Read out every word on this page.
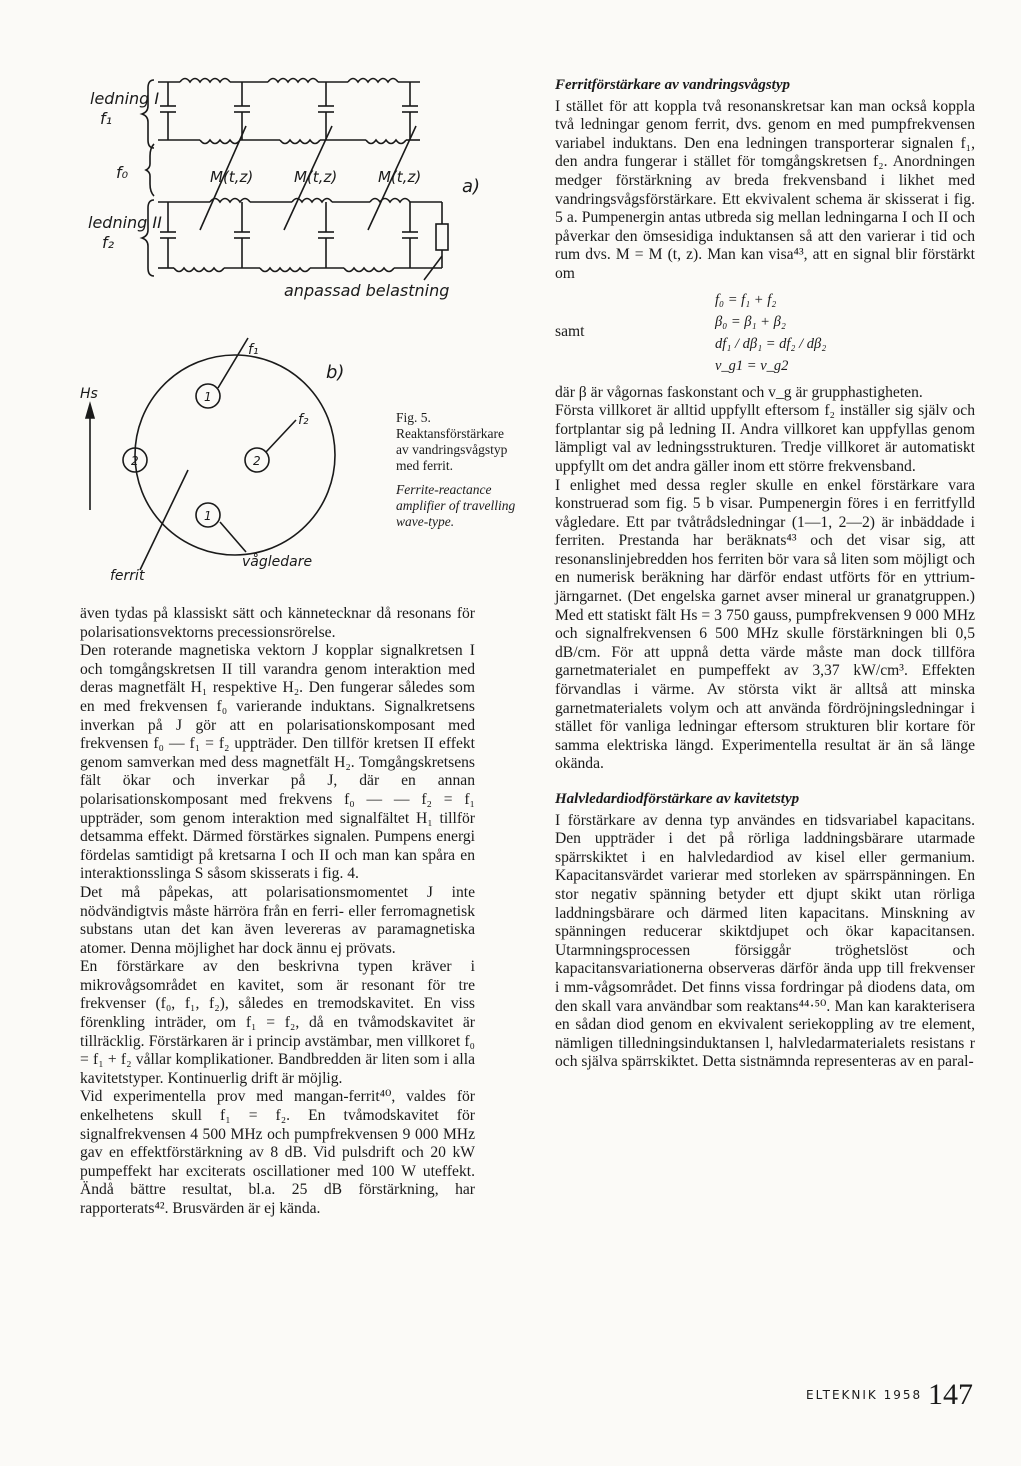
ledning I
f₁
f₀
ledning II
f₂
M(t,z)	M(t,z)	M(t,z) a)
anpassad belastning
b)
f₁
f₂
Hs
ferrit
vågledare
1
1
2	2
Fig. 5. Reaktansförstärkare av vandringsvågstyp med ferrit.
Ferrite-reactance amplifier of travelling wave-type.

även tydas på klassiskt sätt och kännetecknar då resonans för polarisationsvektorns precessionsrörelse.

Den roterande magnetiska vektorn J kopplar signalkretsen I och tomgångskretsen II till varandra genom interaktion med deras magnetfält H₁ respektive H₂. Den fungerar således som en med frekvensen f₀ varierande induktans. Signalkretsens inverkan på J gör att en polarisationskomposant med frekvensen f₀ — f₁ = f₂ uppträder. Den tillför kretsen II effekt genom samverkan med dess magnetfält H₂. Tomgångskretsens fält ökar och inverkar på J, där en annan polarisationskomposant med frekvens f₀ — — f₂ = f₁ uppträder, som genom interaktion med signalfältet H₁ tillför detsamma effekt. Därmed förstärkes signalen. Pumpens energi fördelas samtidigt på kretsarna I och II och man kan spåra en interaktionsslinga S såsom skisserats i fig. 4.

Det må påpekas, att polarisationsmomentet J inte nödvändigtvis måste härröra från en ferri- eller ferromagnetisk substans utan det kan även levereras av paramagnetiska atomer. Denna möjlighet har dock ännu ej prövats.

En förstärkare av den beskrivna typen kräver i mikrovågsområdet en kavitet, som är resonant för tre frekvenser (f₀, f₁, f₂), således en tremodskavitet. En viss förenkling inträder, om f₁ = f₂, då en tvåmodskavitet är tillräcklig. Förstärkaren är i princip avstämbar, men villkoret f₀ = f₁ + f₂ vållar komplikationer. Bandbredden är liten som i alla kavitetstyper. Kontinuerlig drift är möjlig.

Vid experimentella prov med mangan-ferrit⁴⁰, valdes för enkelhetens skull f₁ = f₂. En tvåmodskavitet för signalfrekvensen 4 500 MHz och pumpfrekvensen 9 000 MHz gav en effektförstärkning av 8 dB. Vid pulsdrift och 20 kW pumpeffekt har exciterats oscillationer med 100 W uteffekt. Ändå bättre resultat, bl.a. 25 dB förstärkning, har rapporterats⁴². Brusvärden är ej kända.

Ferritförstärkare av vandringsvågstyp

I stället för att koppla två resonanskretsar kan man också koppla två ledningar genom ferrit, dvs. genom en med pumpfrekvensen variabel induktans. Den ena ledningen transporterar signalen f₁, den andra fungerar i stället för tomgångskretsen f₂. Anordningen medger förstärkning av breda frekvensband i likhet med vandringsvågsförstärkare. Ett ekvivalent schema är skisserat i fig. 5 a. Pumpenergin antas utbreda sig mellan ledningarna I och II och påverkar den ömsesidiga induktansen så att den varierar i tid och rum dvs. M = M (t, z). Man kan visa⁴³, att en signal blir förstärkt om

samt
f₀ = f₁ + f₂
β₀ = β₁ + β₂
df₁ / dβ₁ = df₂ / dβ₂
v_g1 = v_g2

där β är vågornas faskonstant och v_g är grupphastigheten.

Första villkoret är alltid uppfyllt eftersom f₂ inställer sig själv och fortplantar sig på ledning II. Andra villkoret kan uppfyllas genom lämpligt val av ledningsstrukturen. Tredje villkoret är automatiskt uppfyllt om det andra gäller inom ett större frekvensband.

I enlighet med dessa regler skulle en enkel förstärkare vara konstruerad som fig. 5 b visar. Pumpenergin föres i en ferritfylld vågledare. Ett par tvåtrådsledningar (1—1, 2—2) är inbäddade i ferriten. Prestanda har beräknats⁴³ och det visar sig, att resonanslinjebredden hos ferriten bör vara så liten som möjligt och en numerisk beräkning har därför endast utförts för en yttrium-järngarnet. (Det engelska garnet avser mineral ur granatgruppen.) Med ett statiskt fält Hs = 3 750 gauss, pumpfrekvensen 9 000 MHz och signalfrekvensen 6 500 MHz skulle förstärkningen bli 0,5 dB/cm. För att uppnå detta värde måste man dock tillföra garnetmaterialet en pumpeffekt av 3,37 kW/cm³. Effekten förvandlas i värme. Av största vikt är alltså att minska garnetmaterialets volym och att använda fördröjningsledningar i stället för vanliga ledningar eftersom strukturen blir kortare för samma elektriska längd. Experimentella resultat är än så länge okända.

Halvledardiodförstärkare av kavitetstyp

I förstärkare av denna typ användes en tidsvariabel kapacitans. Den uppträder i det på rörliga laddningsbärare utarmade spärrskiktet i en halvledardiod av kisel eller germanium. Kapacitansvärdet varierar med storleken av spärrspänningen. En stor negativ spänning betyder ett djupt skikt utan rörliga laddningsbärare och därmed liten kapacitans. Minskning av spänningen reducerar skiktdjupet och ökar kapacitansen. Utarmningsprocessen försiggår tröghetslöst och kapacitansvariationerna observeras därför ända upp till frekvenser i mm-vågsområdet. Det finns vissa fordringar på diodens data, om den skall vara användbar som reaktans⁴⁴·⁵⁰. Man kan karakterisera en sådan diod genom en ekvivalent seriekoppling av tre element, nämligen tilledningsinduktansen l, halvledarmaterialets resistans r och själva spärrskiktet. Detta sistnämnda representeras av en paral-

ELTEKNIK 1958 147
